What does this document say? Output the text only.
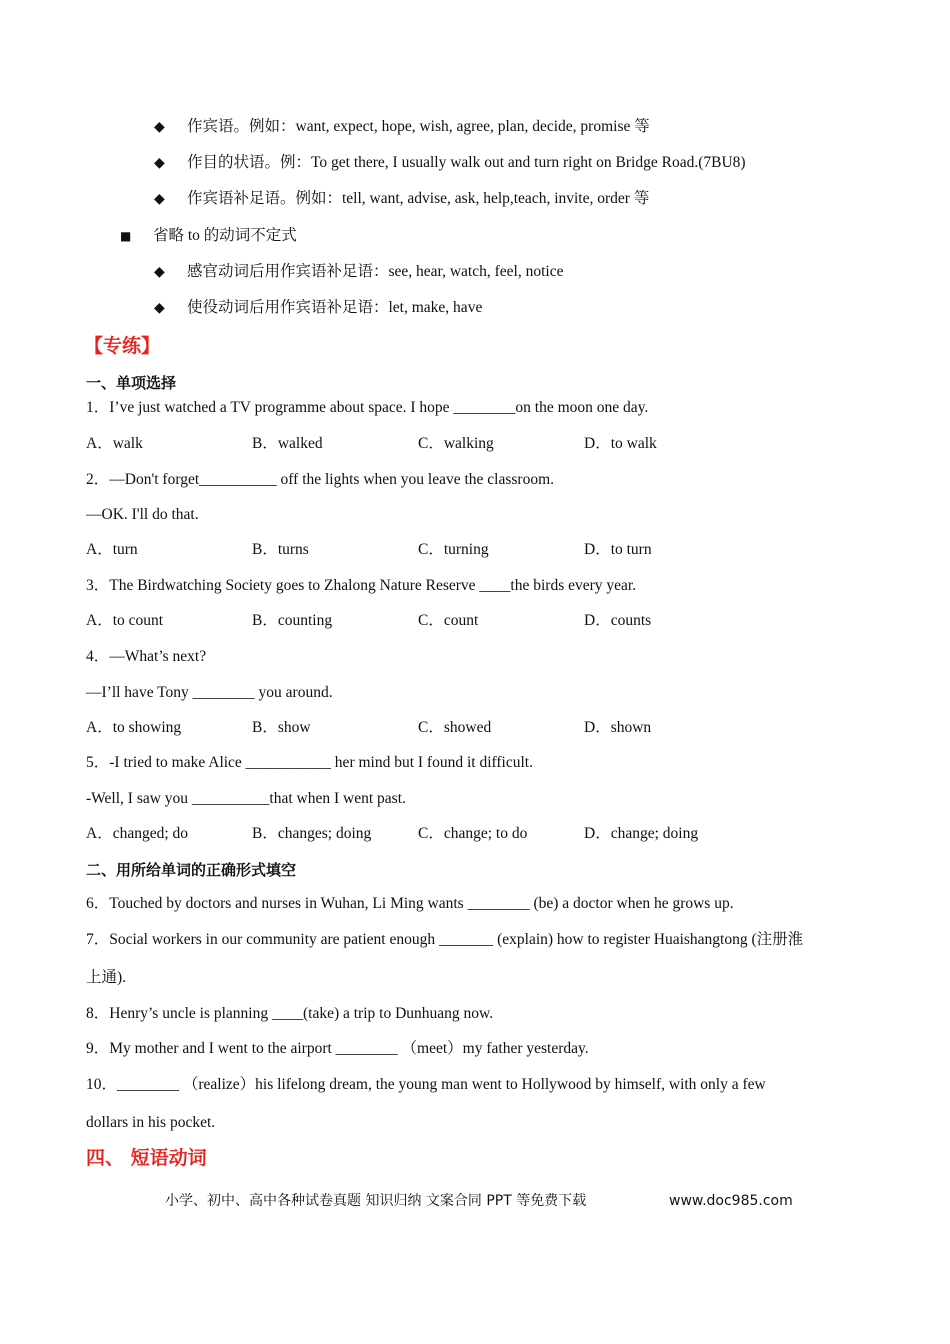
◆ 作宾语。例如：want, expect, hope, wish, agree, plan, decide, promise 等
◆ 作目的状语。例：To get there, I usually walk out and turn right on Bridge Road.(7BU8)
◆ 作宾语补足语。例如：tell, want, advise, ask, help,teach, invite, order 等
■ 省略 to 的动词不定式
◆ 感官动词后用作宾语补足语：see, hear, watch, feel, notice
◆ 使役动词后用作宾语补足语：let, make, have
【专练】
一、单项选择
1．I’ve just watched a TV programme about space. I hope ________on the moon one day.
A．walk	B．walked	C．walking	D．to walk
2．—Don't forget__________ off the lights when you leave the classroom.
—OK. I'll do that.
A．turn	B．turns	C．turning	D．to turn
3．The Birdwatching Society goes to Zhalong Nature Reserve ____the birds every year.
A．to count	B．counting	C．count	D．counts
4．—What’s next?
—I’ll have Tony ________ you around.
A．to showing	B．show	C．showed	D．shown
5．-I tried to make Alice ___________ her mind but I found it difficult.
-Well, I saw you __________that when I went past.
A．changed; do	B．changes; doing	C．change; to do	D．change; doing
二、用所给单词的正确形式填空
6．Touched by doctors and nurses in Wuhan, Li Ming wants ________ (be) a doctor when he grows up.
7．Social workers in our community are patient enough _______ (explain) how to register Huaishangtong (注册淮
上通).
8．Henry’s uncle is planning ____(take) a trip to Dunhuang now.
9．My mother and I went to the airport ________ （meet）my father yesterday.
10．________ （realize）his lifelong dream, the young man went to Hollywood by himself, with only a few
dollars in his pocket.
四、 短语动词
小学、初中、高中各种试卷真题 知识归纳 文案合同 PPT 等免费下载	www.doc985.com
